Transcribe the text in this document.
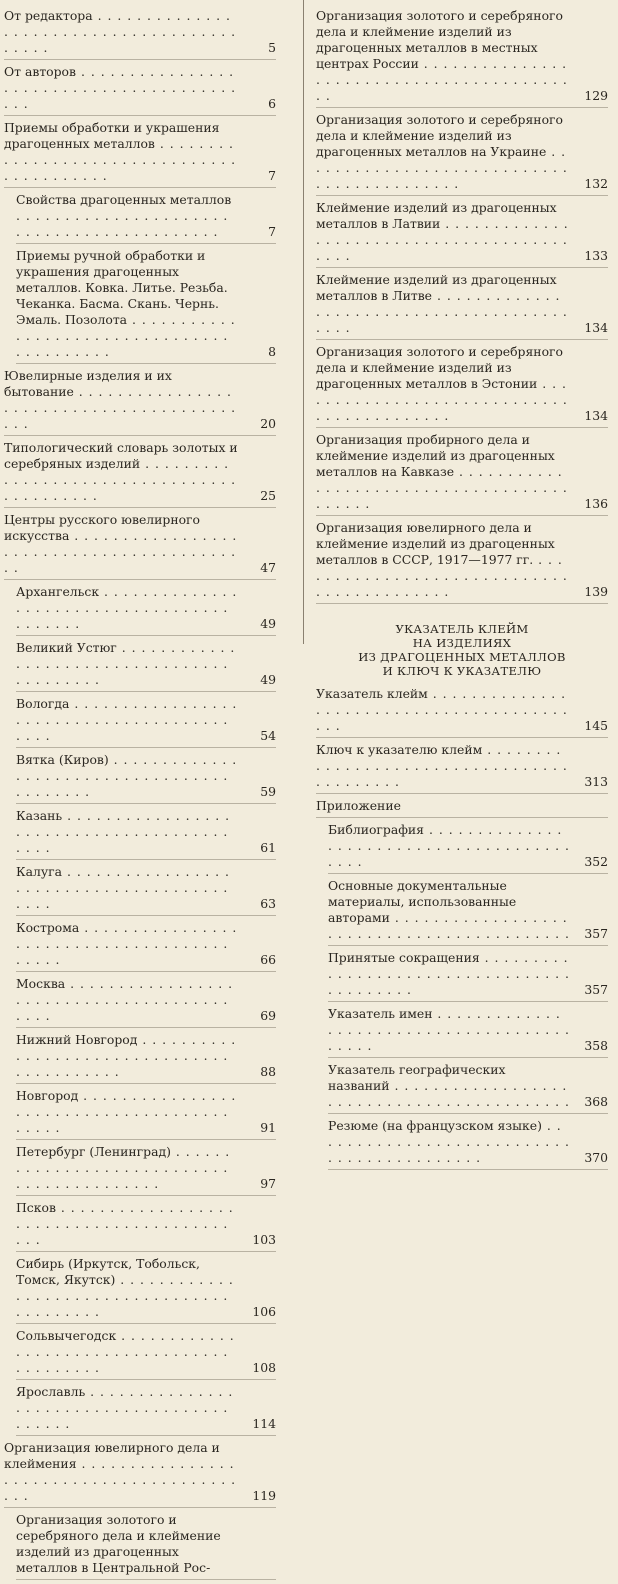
От редактора . . .
5
От авторов . . .
6
Приемы обработки и украшения драгоценных металлов . . .
7
Свойства драгоценных металлов . . .
7
Приемы ручной обработки и украшения драгоценных металлов. Ковка. Литье. Резьба. Чеканка. Басма. Скань. Чернь. Эмаль. Позолота . . .
8
Ювелирные изделия и их бытование . . .
20
Типологический словарь золотых и серебряных изделий . . .
25
Центры русского ювелирного искусства . . .
47
Архангельск . . .
49
Великий Устюг . . .
49
Вологда . . .
54
Вятка (Киров) . . .
59
Казань . . .
61
Калуга . . .
63
Кострома . . .
66
Москва . . .
69
Нижний Новгород . . .
88
Новгород . . .
91
Петербург (Ленинград) . . .
97
Псков . . .
103
Сибирь (Иркутск, Тобольск, Томск, Якутск) . . .
106
Сольвычегодск . . .
108
Ярославль . . .
114
Организация ювелирного дела и клеймения . . .
119
Организация золотого и серебряного дела и клеймение изделий из драгоценных металлов в Центральной Рос-
Организация золотого и серебряного дела и клеймение изделий из драгоценных металлов в местных центрах России . . .
129
Организация золотого и серебряного дела и клеймение изделий из драгоценных металлов на Украине . . .
132
Клеймение изделий из драгоценных металлов в Латвии . . .
133
Клеймение изделий из драгоценных металлов в Литве . . .
134
Организация золотого и серебряного дела и клеймение изделий из драгоценных металлов в Эстонии . . .
134
Организация пробирного дела и клеймение изделий из драгоценных металлов на Кавказе . . .
136
Организация ювелирного дела и клеймение изделий из драгоценных металлов в СССР, 1917—1977 гг. . . .
139
УКАЗАТЕЛЬ КЛЕЙМ
НА ИЗДЕЛИЯХ
ИЗ ДРАГОЦЕННЫХ МЕТАЛЛОВ
И КЛЮЧ К УКАЗАТЕЛЮ
Указатель клейм . . .
145
Ключ к указателю клейм . . .
313
Приложение
Библиография . . .
352
Основные документальные материалы, использованные авторами . . .
357
Принятые сокращения . . .
357
Указатель имен . . .
358
Указатель географических названий . . .
368
Резюме (на французском языке) . . .
370
